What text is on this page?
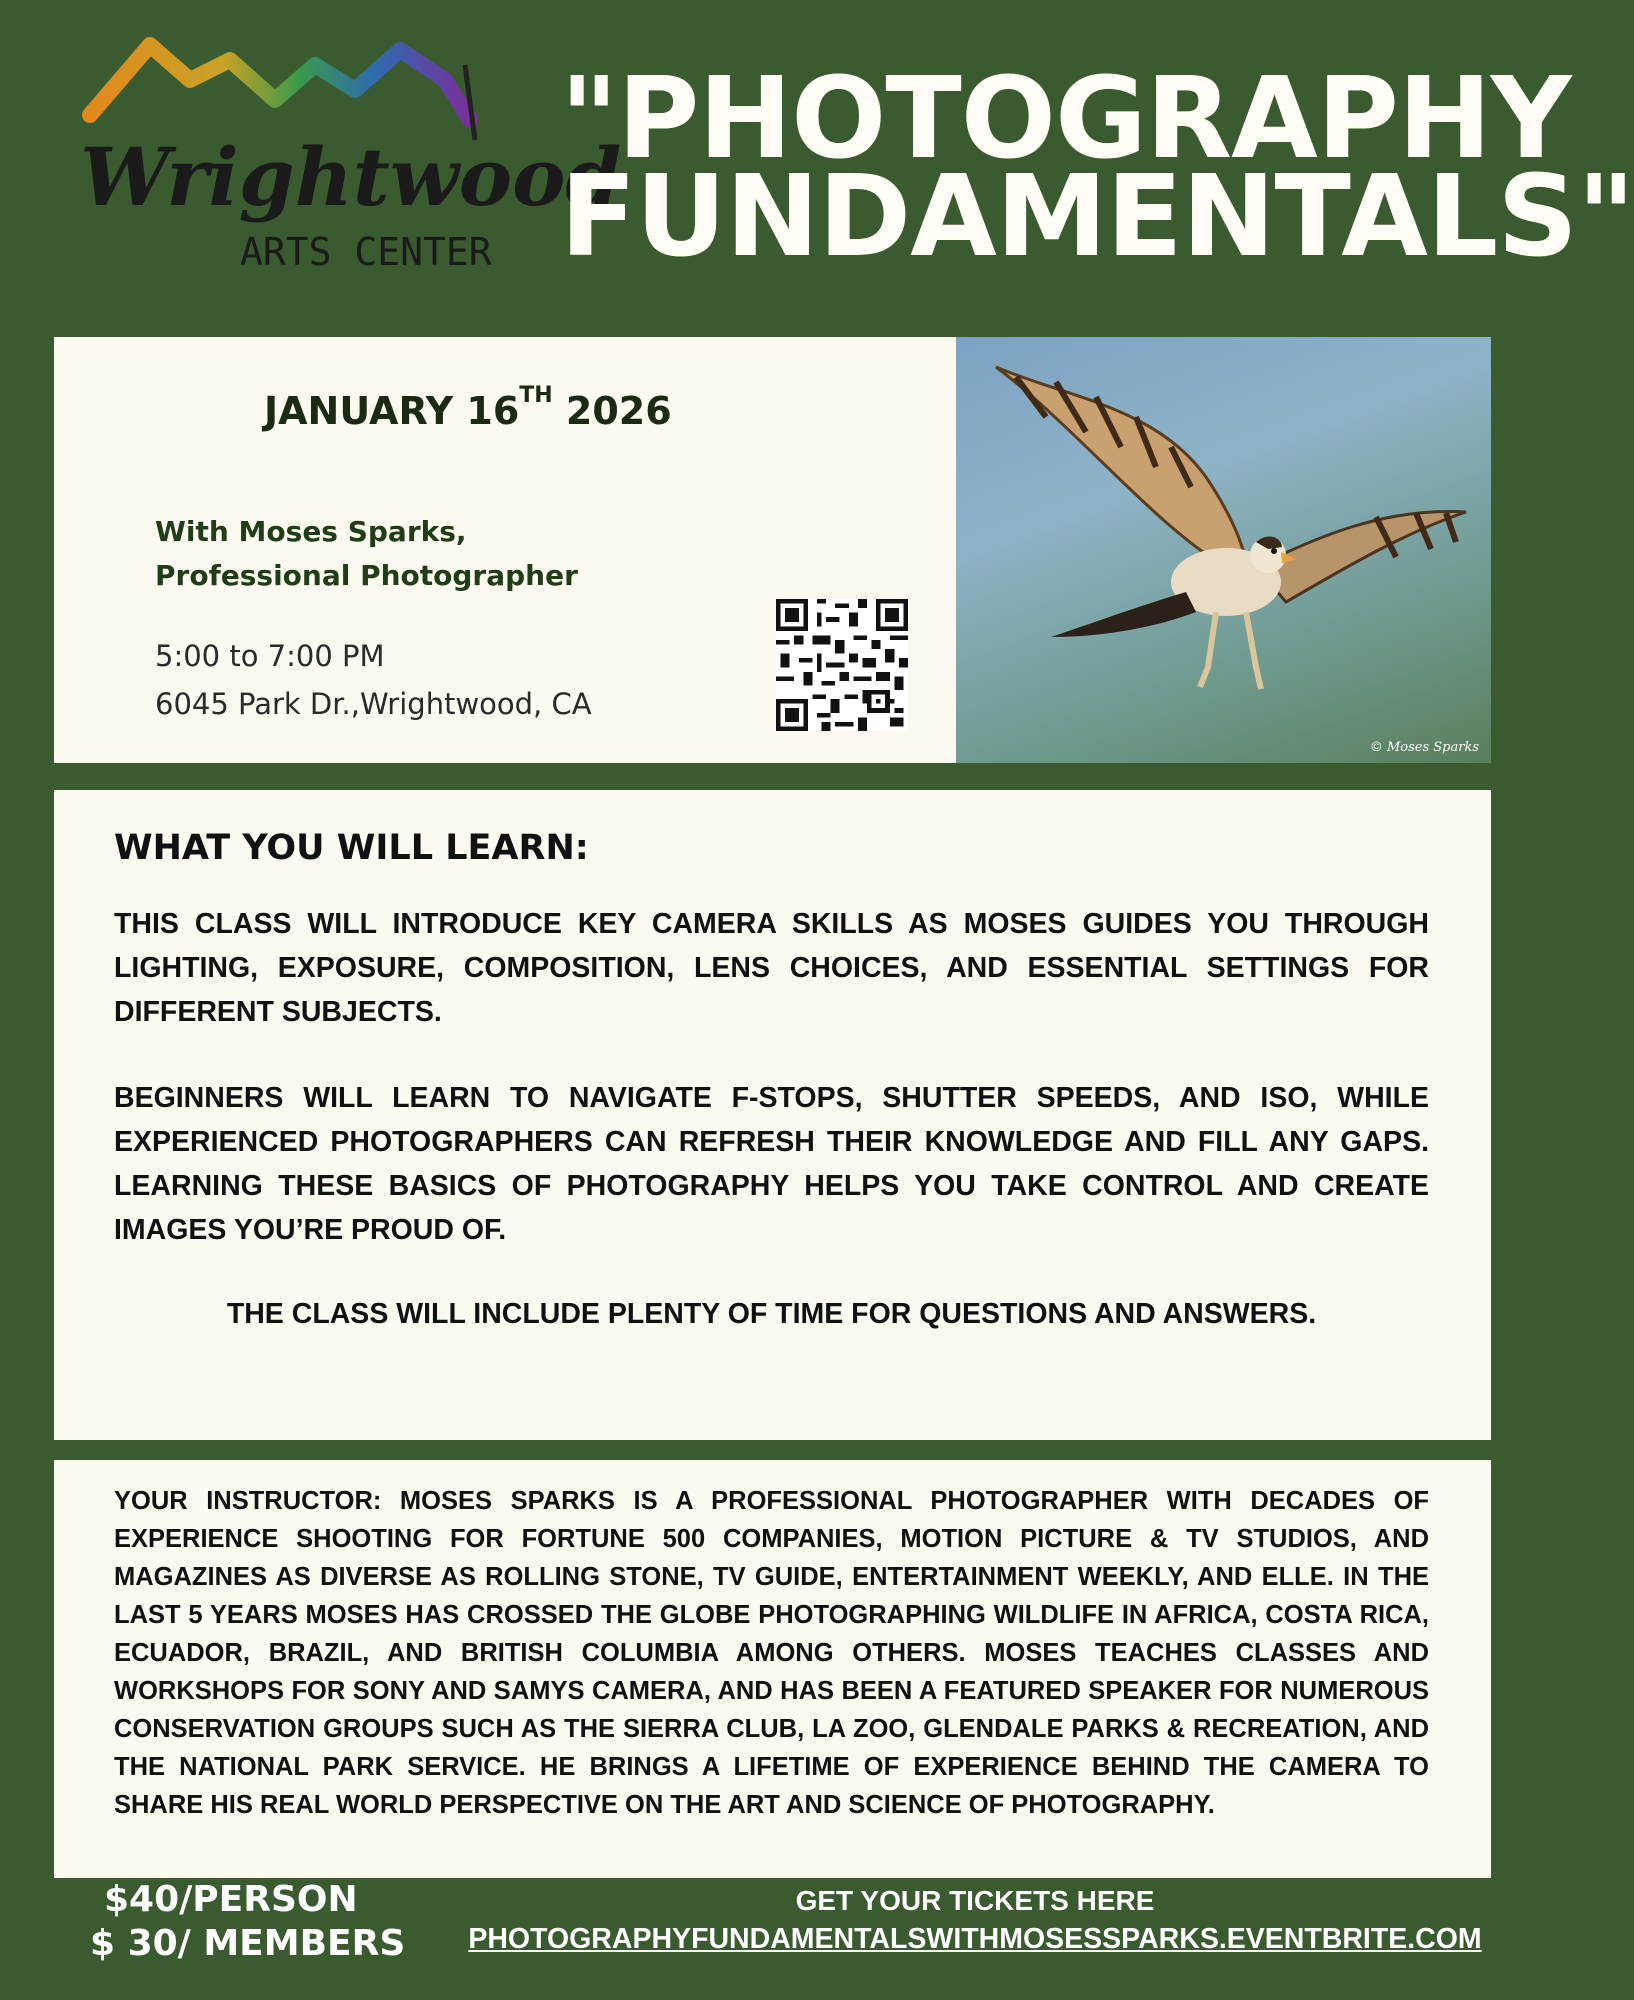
Wrightwood
ARTS CENTER
"PHOTOGRAPHY
FUNDAMENTALS"
JANUARY 16TH 2026
With Moses Sparks,
Professional Photographer
5:00 to 7:00 PM
6045 Park Dr.,Wrightwood, CA
© Moses Sparks
WHAT YOU WILL LEARN:
THIS CLASS WILL INTRODUCE KEY CAMERA SKILLS AS MOSES GUIDES YOU THROUGH LIGHTING, EXPOSURE, COMPOSITION, LENS CHOICES, AND ESSENTIAL SETTINGS FOR DIFFERENT SUBJECTS.
BEGINNERS WILL LEARN TO NAVIGATE F-STOPS, SHUTTER SPEEDS, AND ISO, WHILE EXPERIENCED PHOTOGRAPHERS CAN REFRESH THEIR KNOWLEDGE AND FILL ANY GAPS. LEARNING THESE BASICS OF PHOTOGRAPHY HELPS YOU TAKE CONTROL AND CREATE IMAGES YOU’RE PROUD OF.
THE CLASS WILL INCLUDE PLENTY OF TIME FOR QUESTIONS AND ANSWERS.
YOUR INSTRUCTOR: MOSES SPARKS IS A PROFESSIONAL PHOTOGRAPHER WITH DECADES OF EXPERIENCE SHOOTING FOR FORTUNE 500 COMPANIES, MOTION PICTURE & TV STUDIOS, AND MAGAZINES AS DIVERSE AS ROLLING STONE, TV GUIDE, ENTERTAINMENT WEEKLY, AND ELLE. IN THE LAST 5 YEARS MOSES HAS CROSSED THE GLOBE PHOTOGRAPHING WILDLIFE IN AFRICA, COSTA RICA, ECUADOR, BRAZIL, AND BRITISH COLUMBIA AMONG OTHERS. MOSES TEACHES CLASSES AND WORKSHOPS FOR SONY AND SAMYS CAMERA, AND HAS BEEN A FEATURED SPEAKER FOR NUMEROUS CONSERVATION GROUPS SUCH AS THE SIERRA CLUB, LA ZOO, GLENDALE PARKS & RECREATION, AND THE NATIONAL PARK SERVICE. HE BRINGS A LIFETIME OF EXPERIENCE BEHIND THE CAMERA TO SHARE HIS REAL WORLD PERSPECTIVE ON THE ART AND SCIENCE OF PHOTOGRAPHY.
$40/PERSON
$ 30/ MEMBERS
GET YOUR TICKETS HERE
PHOTOGRAPHYFUNDAMENTALSWITHMOSESSPARKS.EVENTBRITE.COM
